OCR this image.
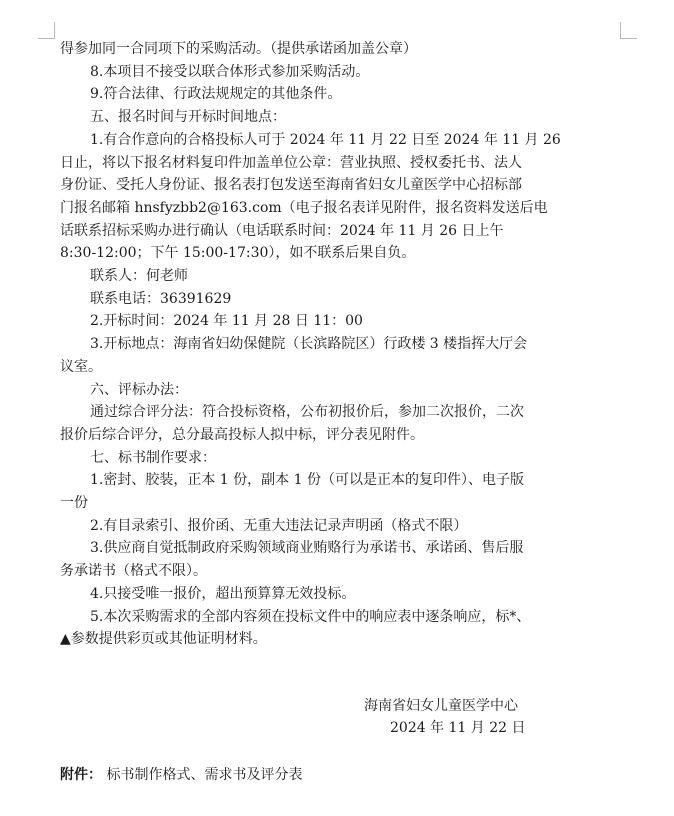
得参加同一合同项下的采购活动。（提供承诺函加盖公章）

8.本项目不接受以联合体形式参加采购活动。

9.符合法律、行政法规规定的其他条件。

五、报名时间与开标时间地点：

1.有合作意向的合格投标人可于 2024 年 11 月 22 日至 2024 年 11 月 26

日止，将以下报名材料复印件加盖单位公章：营业执照、授权委托书、法人

身份证、受托人身份证、报名表打包发送至海南省妇女儿童医学中心招标部

门报名邮箱 hnsfyzbb2@163.com（电子报名表详见附件，报名资料发送后电

话联系招标采购办进行确认（电话联系时间：2024 年 11 月 26 日上午

8:30-12:00；下午 15:00-17:30），如不联系后果自负。

联系人：何老师

联系电话：36391629

2.开标时间：2024 年 11 月 28 日 11：00

3.开标地点：海南省妇幼保健院（长滨路院区）行政楼 3 楼指挥大厅会

议室。

六、评标办法：

通过综合评分法：符合投标资格，公布初报价后，参加二次报价，二次

报价后综合评分，总分最高投标人拟中标，评分表见附件。

七、标书制作要求：

1.密封、胶装，正本 1 份，副本 1 份（可以是正本的复印件）、电子版

一份

2.有目录索引、报价函、无重大违法记录声明函（格式不限）

3.供应商自觉抵制政府采购领域商业贿赂行为承诺书、承诺函、售后服

务承诺书（格式不限）。

4.只接受唯一报价，超出预算算无效投标。

5.本次采购需求的全部内容须在投标文件中的响应表中逐条响应，标*、

▲参数提供彩页或其他证明材料。

海南省妇女儿童医学中心
2024 年 11 月 22 日
附件： 标书制作格式、需求书及评分表
